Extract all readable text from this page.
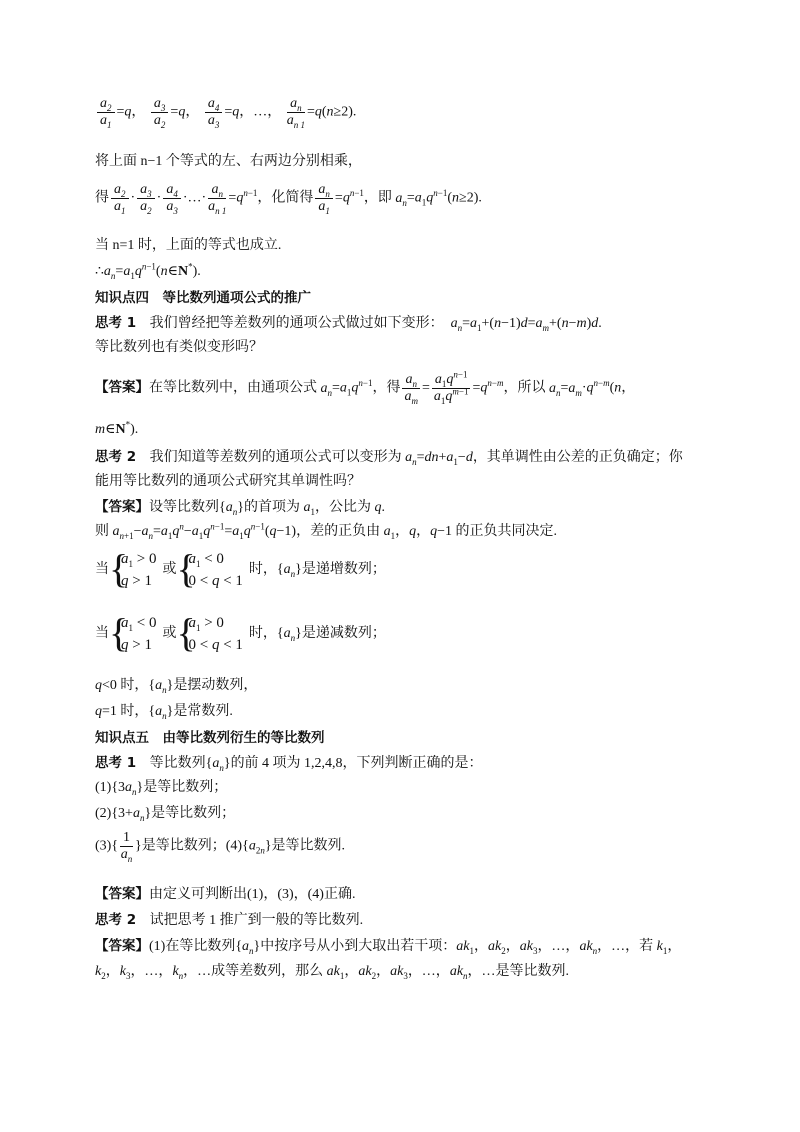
$\frac{a_2}{a_1} =q$， $\frac{a_3}{a_2} =q$， $\frac{a_4}{a_3} =q$，…， $\frac{a_n}{a_{n 1}} =q(n\ge 2)$.
将上面 n−1 个等式的左、右两边分别相乘，
得 $\frac{a_2}{a_1} \cdot \frac{a_3}{a_2} \cdot \frac{a_4}{a_3}$ ·…· $\frac{a_n}{a_{n 1}} =q^{n-1}$，化简得 $\frac{a_n}{a_1} =q^{n-1}$，即 $a_n=a_1q^{n-1}(n\ge 2)$.
当 n=1 时，上面的等式也成立.
$\therefore a_n=a_1q^{n-1}(n\in N^*)$.
知识点四　等比数列通项公式的推广
思考 1　我们曾经把等差数列的通项公式做过如下变形：　 $a_n=a_1+(n-1)d=a_m+(n-m)d$.
等比数列也有类似变形吗？
【答案】在等比数列中，由通项公式 $a_n=a_1q^{n-1}$，得 $\frac{a_n}{a_m} = \frac{a_1q^{n-1}}{a_1q^{m-1}} =q^{n-m}$，所以 $a_n=a_m\cdot q^{n-m}(n$，
m∈N*).
思考 2　我们知道等差数列的通项公式可以变形为 $a_n=dn+a_1-d$，其单调性由公差的正负确定；你
能用等比数列的通项公式研究其单调性吗？
【答案】设等比数列$\{a_n\}$的首项为 $a_1$，公比为 q.
则 $a_{n+1}-a_n=a_1q^n-a_1q^{n-1}=a_1q^{n-1}(q-1)$，差的正负由 $a_1$，q，q−1 的正负共同决定.
当
{ $a_1 > 0$
q > 1
或
{ $a_1 < 0$
0 < q < 1
时，$\{a_n\}$是递增数列；
当
{ $a_1 < 0$
q > 1
或
{ $a_1 > 0$
0 < q < 1
时，$\{a_n\}$是递减数列；
q<0 时，$\{a_n\}$是摆动数列，
q=1 时，$\{a_n\}$是常数列.
知识点五　由等比数列衍生的等比数列
思考 1　等比数列$\{a_n\}$的前 4 项为 1,2,4,8，下列判断正确的是：
$(1)\{3a_n\}$是等比数列；
$(2)\{3+a_n\}$是等比数列；
$(3)\{ \frac{1}{a_n}$ }是等比数列；$(4)\{a_{2n}\}$是等比数列.
【答案】由定义可判断出(1)，(3)，(4)正确.
思考 2　试把思考 1 推广到一般的等比数列.
【答案】(1)在等比数列$\{a_n\}$中按序号从小到大取出若干项：$ak_1$，$ak_2$，$ak_3$，…，$ak_n$，…，若 $k_1$，
$k_2$，$k_3$，…，$k_n$，…成等差数列，那么 $ak_1$，$ak_2$，$ak_3$，…，$ak_n$，…是等比数列.
